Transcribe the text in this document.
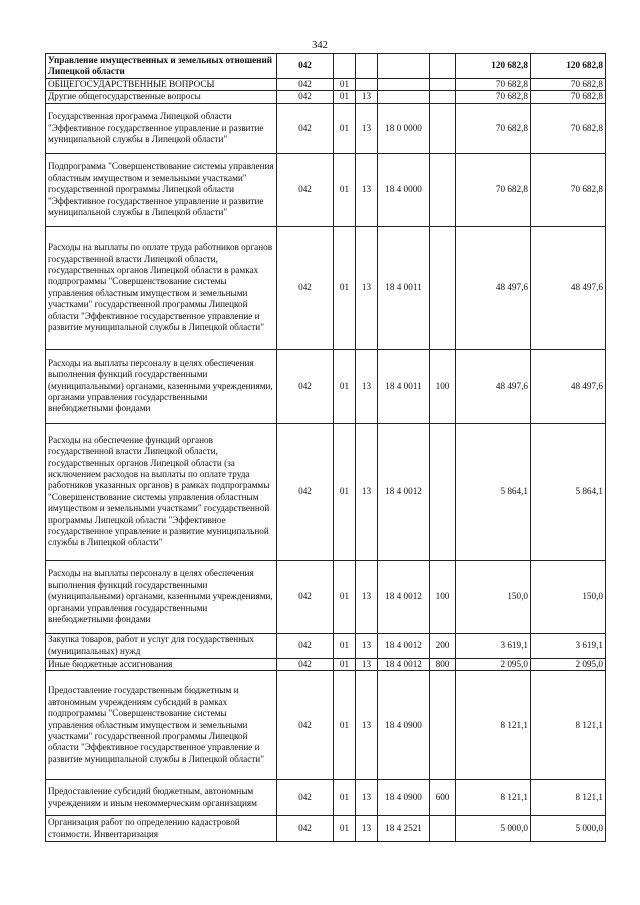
342
Управление имущественных и земельных отношений Липецкой области	042					120 682,8	120 682,8
ОБЩЕГОСУДАРСТВЕННЫЕ ВОПРОСЫ	042	01				70 682,8	70 682,8
Другие общегосударственные вопросы	042	01	13			70 682,8	70 682,8
Государственная программа Липецкой области "Эффективное государственное управление и развитие муниципальной службы в Липецкой области"	042	01	13	18 0 0000		70 682,8	70 682,8
Подпрограмма "Совершенствование системы управления областным имуществом и земельными участками" государственной программы Липецкой области "Эффективное государственное управление и развитие муниципальной службы в Липецкой области"	042	01	13	18 4 0000		70 682,8	70 682,8
Расходы на выплаты по оплате труда работников органов государственной власти Липецкой области, государственных органов Липецкой области в рамках подпрограммы "Совершенствование системы управления областным имуществом и земельными участками" государственной программы Липецкой области "Эффективное государственное управление и развитие муниципальной службы в Липецкой области"	042	01	13	18 4 0011		48 497,6	48 497,6
Расходы на выплаты персоналу в целях обеспечения выполнения функций государственными (муниципальными) органами, казенными учреждениями, органами управления государственными внебюджетными фондами	042	01	13	18 4 0011	100	48 497,6	48 497,6
Расходы на обеспечение функций органов государственной власти Липецкой области, государственных органов Липецкой области (за исключением расходов на выплаты по оплате труда работников указанных органов) в рамках подпрограммы "Совершенствование системы управления областным имуществом и земельными участками" государственной программы Липецкой области "Эффективное государственное управление и развитие муниципальной службы в Липецкой области"	042	01	13	18 4 0012		5 864,1	5 864,1
Расходы на выплаты персоналу в целях обеспечения выполнения функций государственными (муниципальными) органами, казенными учреждениями, органами управления государственными внебюджетными фондами	042	01	13	18 4 0012	100	150,0	150,0
Закупка товаров, работ и услуг для государственных (муниципальных) нужд	042	01	13	18 4 0012	200	3 619,1	3 619,1
Иные бюджетные ассигнования	042	01	13	18 4 0012	800	2 095,0	2 095,0
Предоставление государственным бюджетным и автономным учреждениям субсидий в рамках подпрограммы "Совершенствование системы управления областным имуществом и земельными участками" государственной программы Липецкой области "Эффективное государственное управление и развитие муниципальной службы в Липецкой области"	042	01	13	18 4 0900		8 121,1	8 121,1
Предоставление субсидий бюджетным, автономным учреждениям и иным некоммерческим организациям	042	01	13	18 4 0900	600	8 121,1	8 121,1
Организация работ по определению кадастровой стоимости. Инвентаризация	042	01	13	18 4 2521		5 000,0	5 000,0
